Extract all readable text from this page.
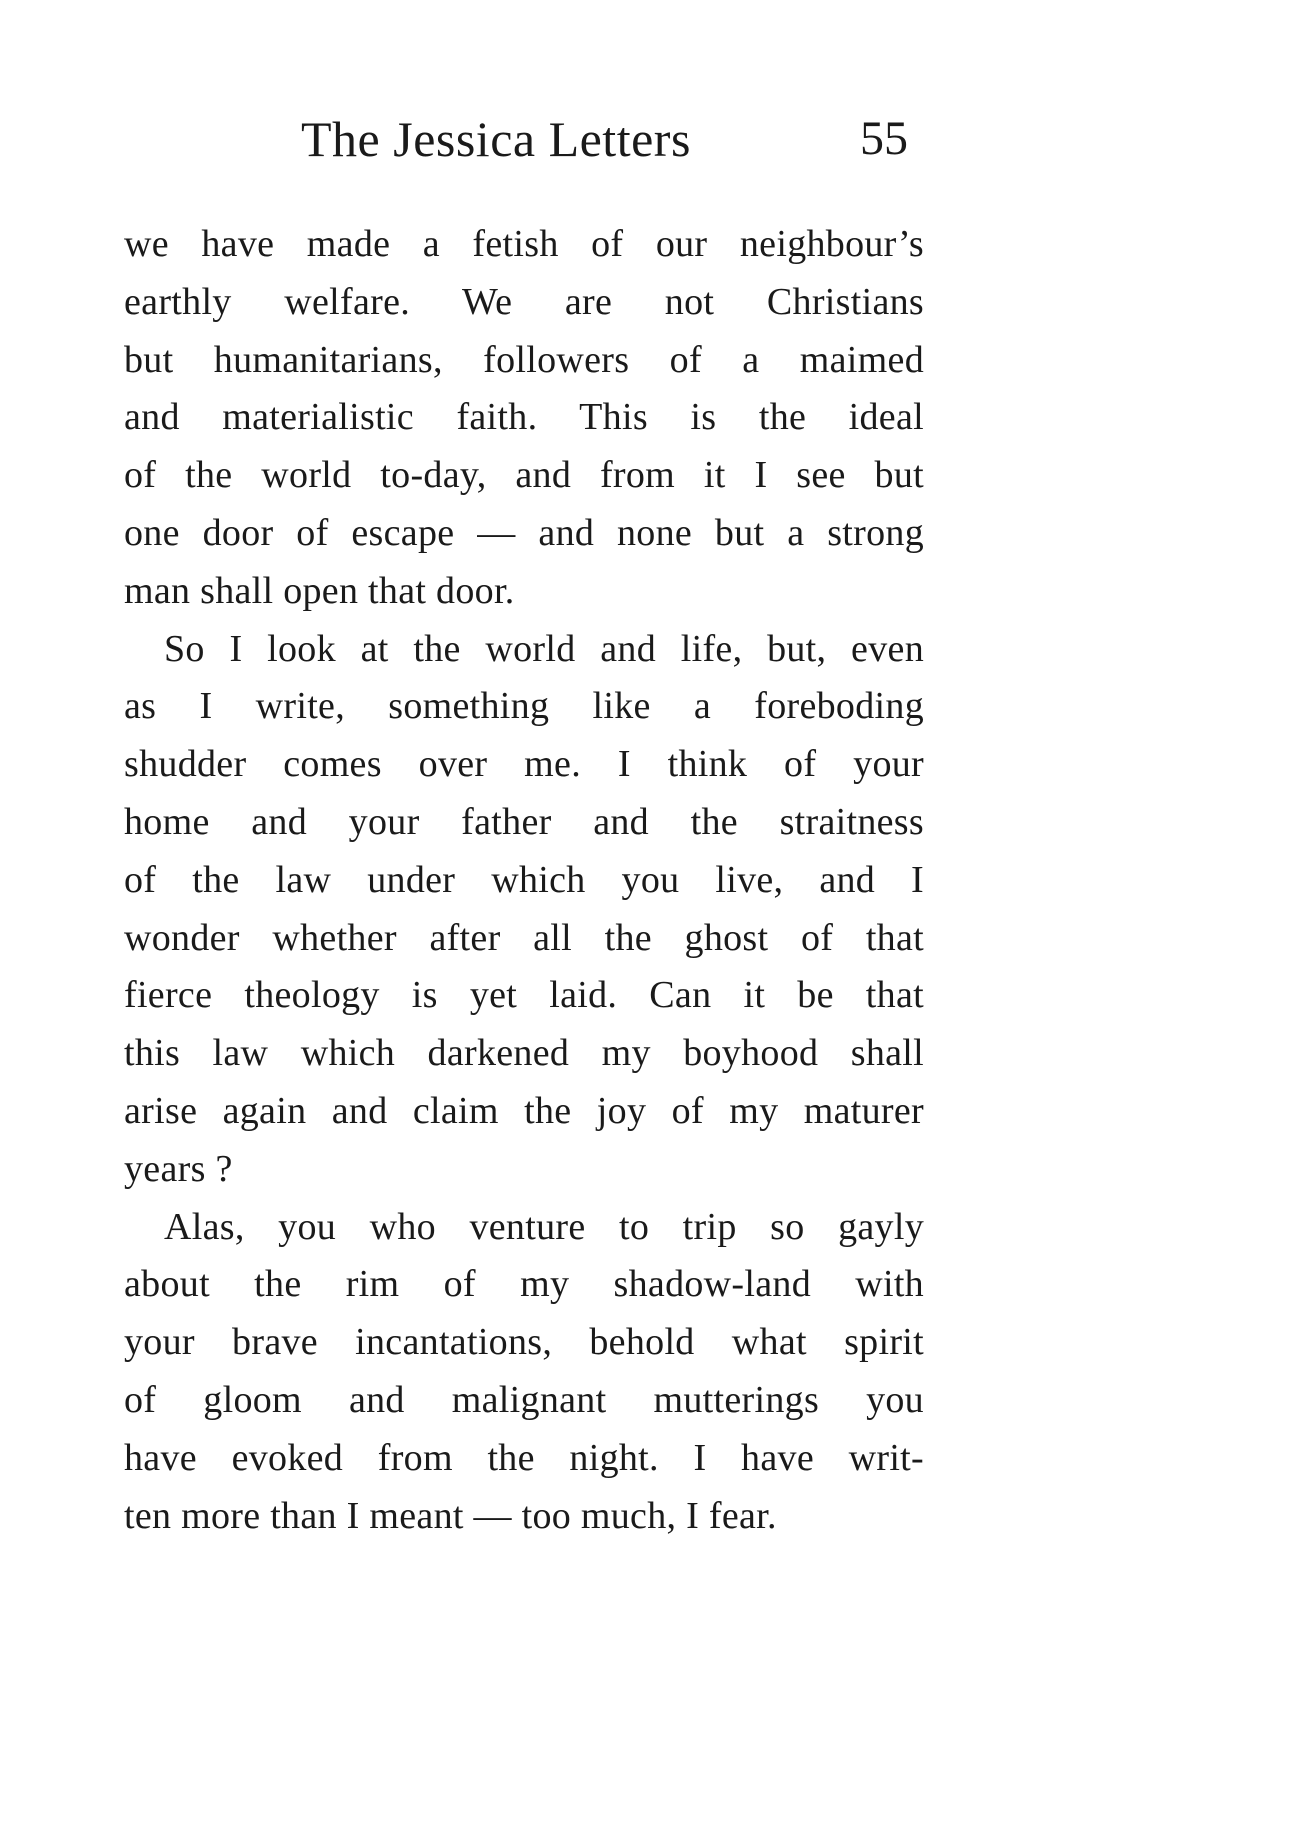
The Jessica Letters	55

we have made a fetish of our neighbour’s
earthly welfare. We are not Christians
but humanitarians, followers of a maimed
and materialistic faith. This is the ideal
of the world to-day, and from it I see but
one door of escape — and none but a strong
man shall open that door.

So I look at the world and life, but, even
as I write, something like a foreboding
shudder comes over me. I think of your
home and your father and the straitness
of the law under which you live, and I
wonder whether after all the ghost of that
fierce theology is yet laid. Can it be that
this law which darkened my boyhood shall
arise again and claim the joy of my maturer
years ?

Alas, you who venture to trip so gayly
about the rim of my shadow-land with
your brave incantations, behold what spirit
of gloom and malignant mutterings you
have evoked from the night. I have writ-
ten more than I meant — too much, I fear.
